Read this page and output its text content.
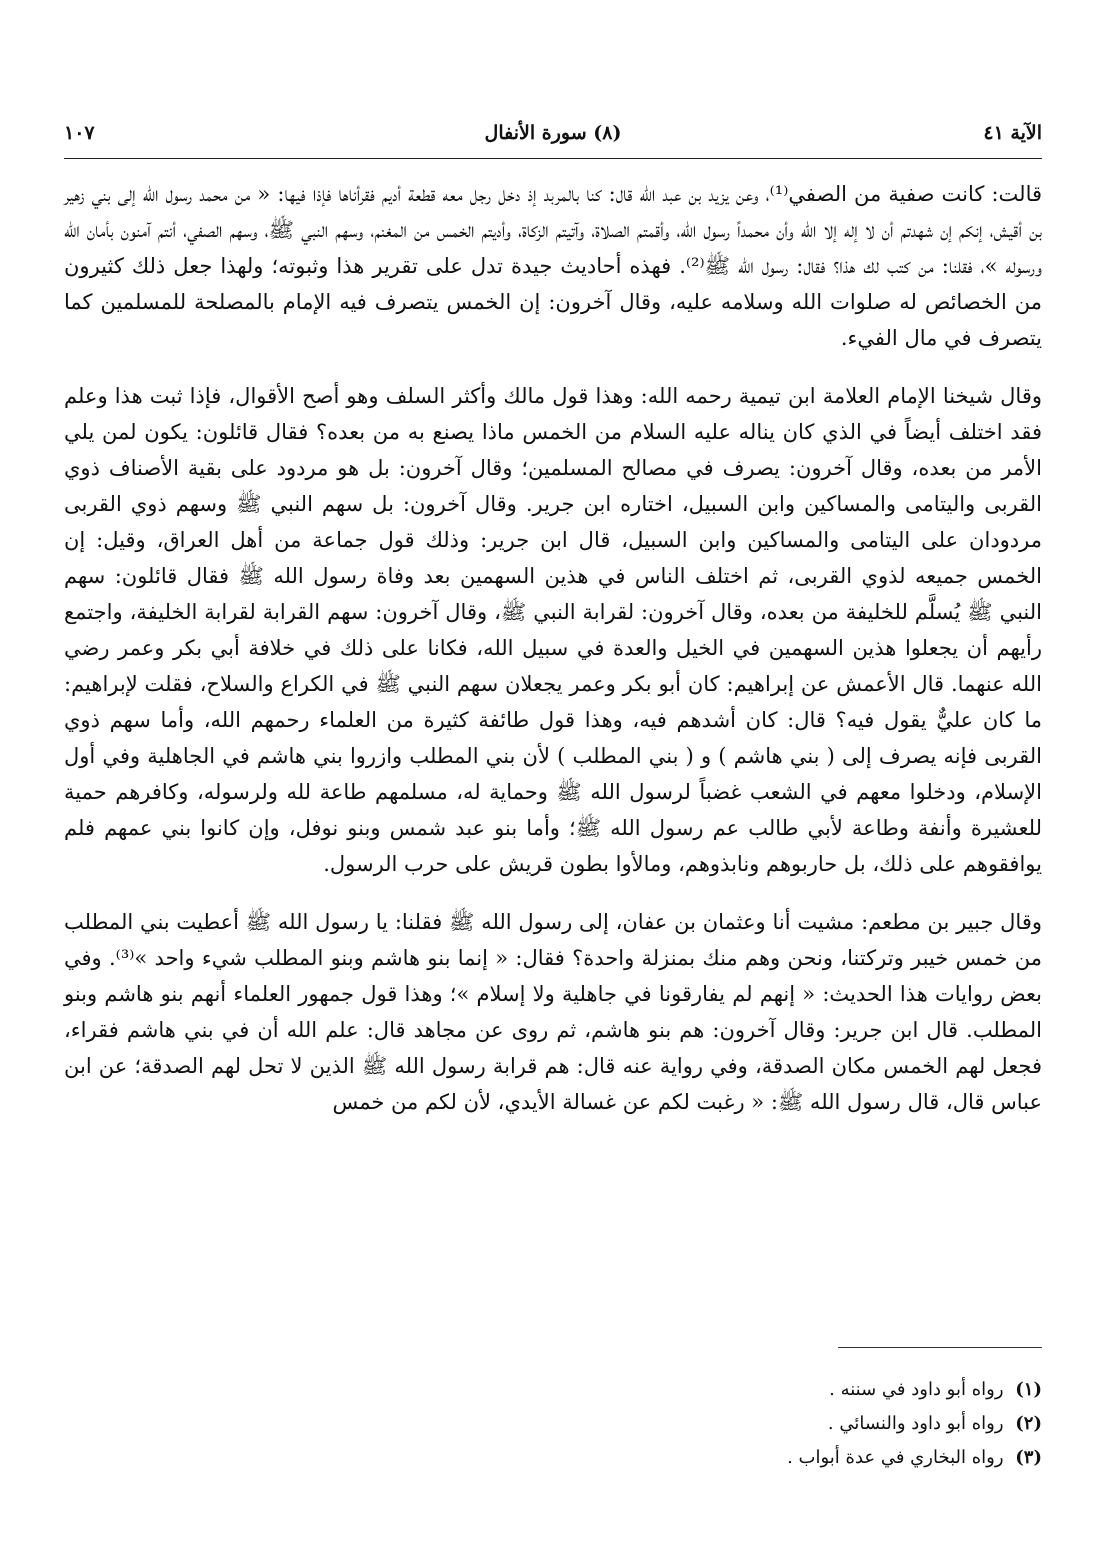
الآية ٤١
(٨) سورة الأنفال
١٠٧

قالت: كانت صفية من الصفي⁽¹⁾، وعن يزيد بن عبد الله قال: كنا بالمربد إذ دخل رجل معه قطعة أديم فقرأناها فإذا فيها: « من محمد رسول الله إلى بني زهير بن أقيش، إنكم إن شهدتم أن لا إله إلا الله وأن محمداً رسول الله، وأقمتم الصلاة، وآتيتم الزكاة، وأديتم الخمس من المغنم، وسهم النبي ﷺ، وسهم الصفي، أنتم آمنون بأمان الله ورسوله »، فقلنا: من كتب لك هذا؟ فقال: رسول الله ﷺ⁽²⁾. فهذه أحاديث جيدة تدل على تقرير هذا وثبوته؛ ولهذا جعل ذلك كثيرون من الخصائص له صلوات الله وسلامه عليه، وقال آخرون: إن الخمس يتصرف فيه الإمام بالمصلحة للمسلمين كما يتصرف في مال الفيء.

وقال شيخنا الإمام العلامة ابن تيمية رحمه الله: وهذا قول مالك وأكثر السلف وهو أصح الأقوال، فإذا ثبت هذا وعلم فقد اختلف أيضاً في الذي كان يناله عليه السلام من الخمس ماذا يصنع به من بعده؟ فقال قائلون: يكون لمن يلي الأمر من بعده، وقال آخرون: يصرف في مصالح المسلمين؛ وقال آخرون: بل هو مردود على بقية الأصناف ذوي القربى واليتامى والمساكين وابن السبيل، اختاره ابن جرير. وقال آخرون: بل سهم النبي ﷺ وسهم ذوي القربى مردودان على اليتامى والمساكين وابن السبيل، قال ابن جرير: وذلك قول جماعة من أهل العراق، وقيل: إن الخمس جميعه لذوي القربى، ثم اختلف الناس في هذين السهمين بعد وفاة رسول الله ﷺ فقال قائلون: سهم النبي ﷺ يُسلَّم للخليفة من بعده، وقال آخرون: لقرابة النبي ﷺ، وقال آخرون: سهم القرابة لقرابة الخليفة، واجتمع رأيهم أن يجعلوا هذين السهمين في الخيل والعدة في سبيل الله، فكانا على ذلك في خلافة أبي بكر وعمر رضي الله عنهما. قال الأعمش عن إبراهيم: كان أبو بكر وعمر يجعلان سهم النبي ﷺ في الكراع والسلاح، فقلت لإبراهيم: ما كان عليٌّ يقول فيه؟ قال: كان أشدهم فيه، وهذا قول طائفة كثيرة من العلماء رحمهم الله، وأما سهم ذوي القربى فإنه يصرف إلى ( بني هاشم ) و ( بني المطلب ) لأن بني المطلب وازروا بني هاشم في الجاهلية وفي أول الإسلام، ودخلوا معهم في الشعب غضباً لرسول الله ﷺ وحماية له، مسلمهم طاعة لله ولرسوله، وكافرهم حمية للعشيرة وأنفة وطاعة لأبي طالب عم رسول الله ﷺ؛ وأما بنو عبد شمس وبنو نوفل، وإن كانوا بني عمهم فلم يوافقوهم على ذلك، بل حاربوهم ونابذوهم، ومالأوا بطون قريش على حرب الرسول.

وقال جبير بن مطعم: مشيت أنا وعثمان بن عفان، إلى رسول الله ﷺ فقلنا: يا رسول الله ﷺ أعطيت بني المطلب من خمس خيبر وتركتنا، ونحن وهم منك بمنزلة واحدة؟ فقال: « إنما بنو هاشم وبنو المطلب شيء واحد »⁽³⁾. وفي بعض روايات هذا الحديث: « إنهم لم يفارقونا في جاهلية ولا إسلام »؛ وهذا قول جمهور العلماء أنهم بنو هاشم وبنو المطلب. قال ابن جرير: وقال آخرون: هم بنو هاشم، ثم روى عن مجاهد قال: علم الله أن في بني هاشم فقراء، فجعل لهم الخمس مكان الصدقة، وفي رواية عنه قال: هم قرابة رسول الله ﷺ الذين لا تحل لهم الصدقة؛ عن ابن عباس قال، قال رسول الله ﷺ: « رغبت لكم عن غسالة الأيدي، لأن لكم من خمس

(١) رواه أبو داود في سننه .
(٢) رواه أبو داود والنسائي .
(٣) رواه البخاري في عدة أبواب .
